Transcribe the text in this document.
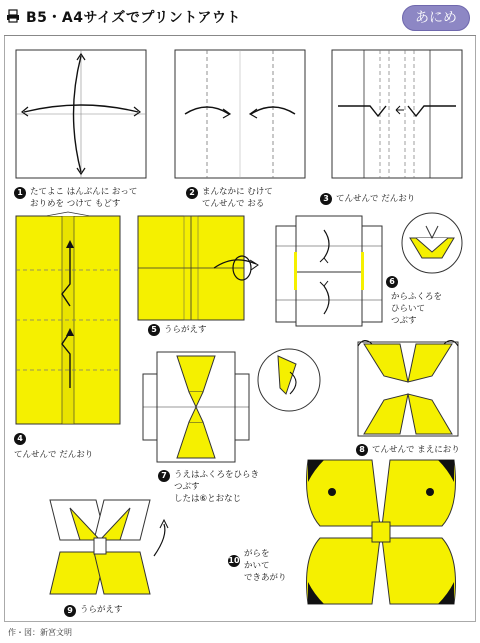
B5・A4サイズでプリントアウト	あにめ
1 たてよこ はんぶんに おって
おりめを つけて もどす
2 まんなかに むけて
てんせんで おる
3 てんせんで だんおり
4
てんせんで だんおり
5 うらがえす
6
からふくろを
ひらいて
つぶす
7 うえはふくろをひらき
つぶす
したは⑥とおなじ
8 てんせんで まえにおり
9 うらがえす
10
がらを
かいて
できあがり
作・図：新宮文明
